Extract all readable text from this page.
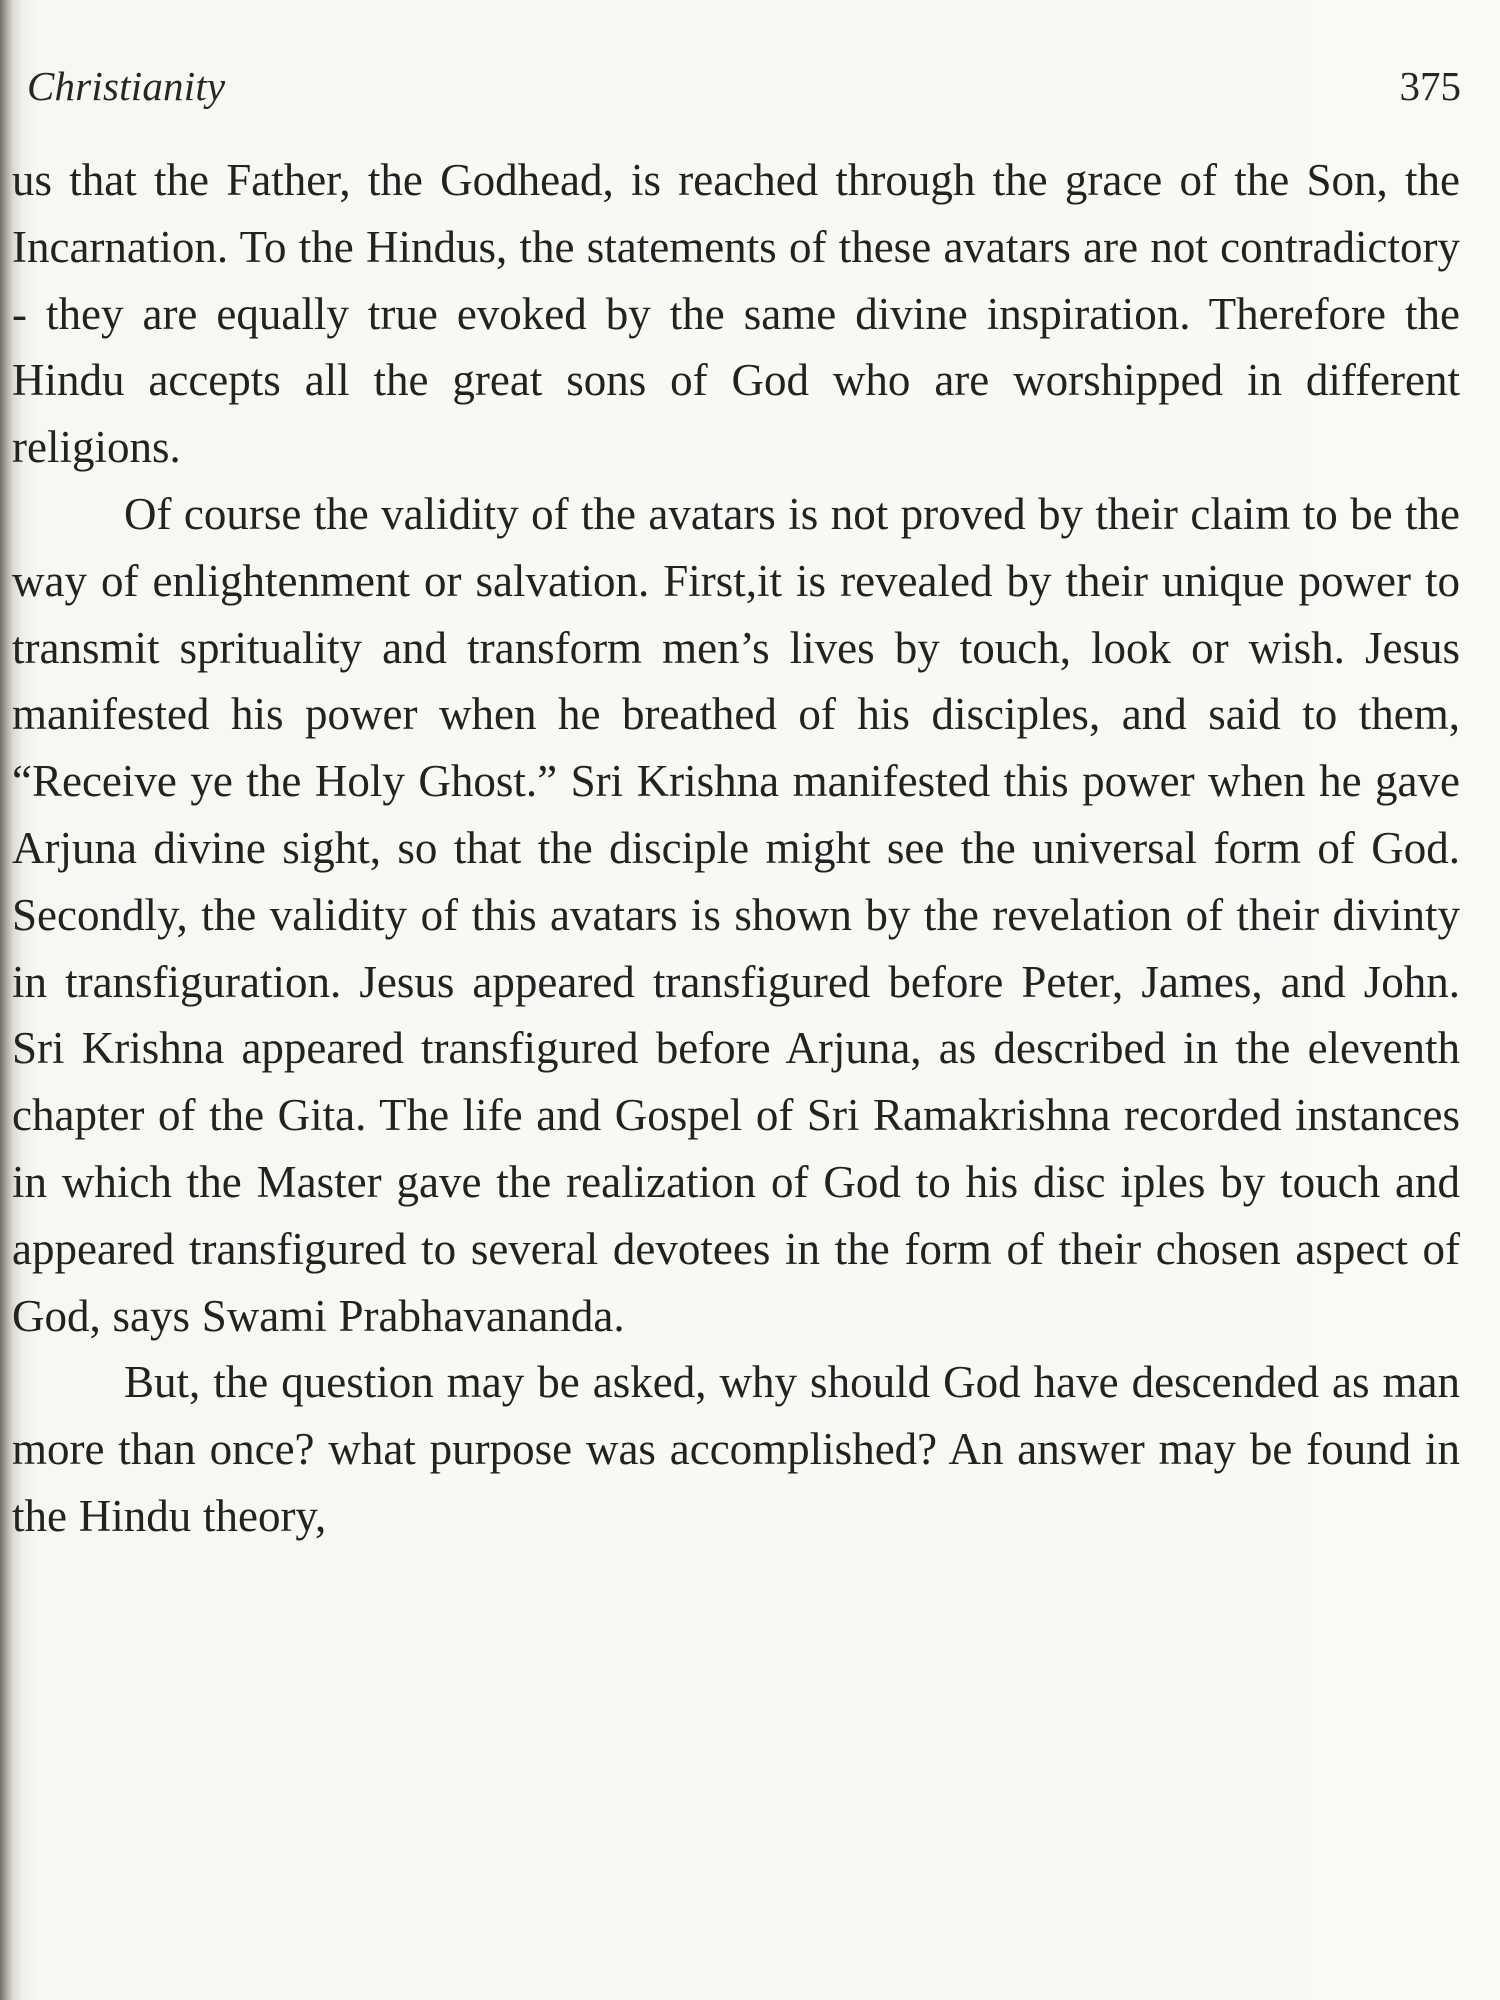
Christianity	375

us that the Father, the Godhead, is reached through the grace of the Son, the Incarnation. To the Hindus, the statements of these avatars are not contradictory - they are equally true evoked by the same divine inspiration. Therefore the Hindu accepts all the great sons of God who are worshipped in different religions.

Of course the validity of the avatars is not proved by their claim to be the way of enlightenment or salvation. First,it is revealed by their unique power to transmit sprituality and transform men’s lives by touch, look or wish. Jesus manifested his power when he breathed of his disciples, and said to them, “Receive ye the Holy Ghost.” Sri Krishna manifested this power when he gave Arjuna divine sight, so that the disciple might see the universal form of God. Secondly, the validity of this avatars is shown by the revelation of their divinty in transfiguration. Jesus appeared transfigured before Peter, James, and John. Sri Krishna appeared transfigured before Arjuna, as described in the eleventh chapter of the Gita. The life and Gospel of Sri Ramakrishna recorded instances in which the Master gave the realization of God to his disc iples by touch and appeared transfigured to several devotees in the form of their chosen aspect of God, says Swami Prabhavananda.

But, the question may be asked, why should God have descended as man more than once? what purpose was accomplished? An answer may be found in the Hindu theory,
